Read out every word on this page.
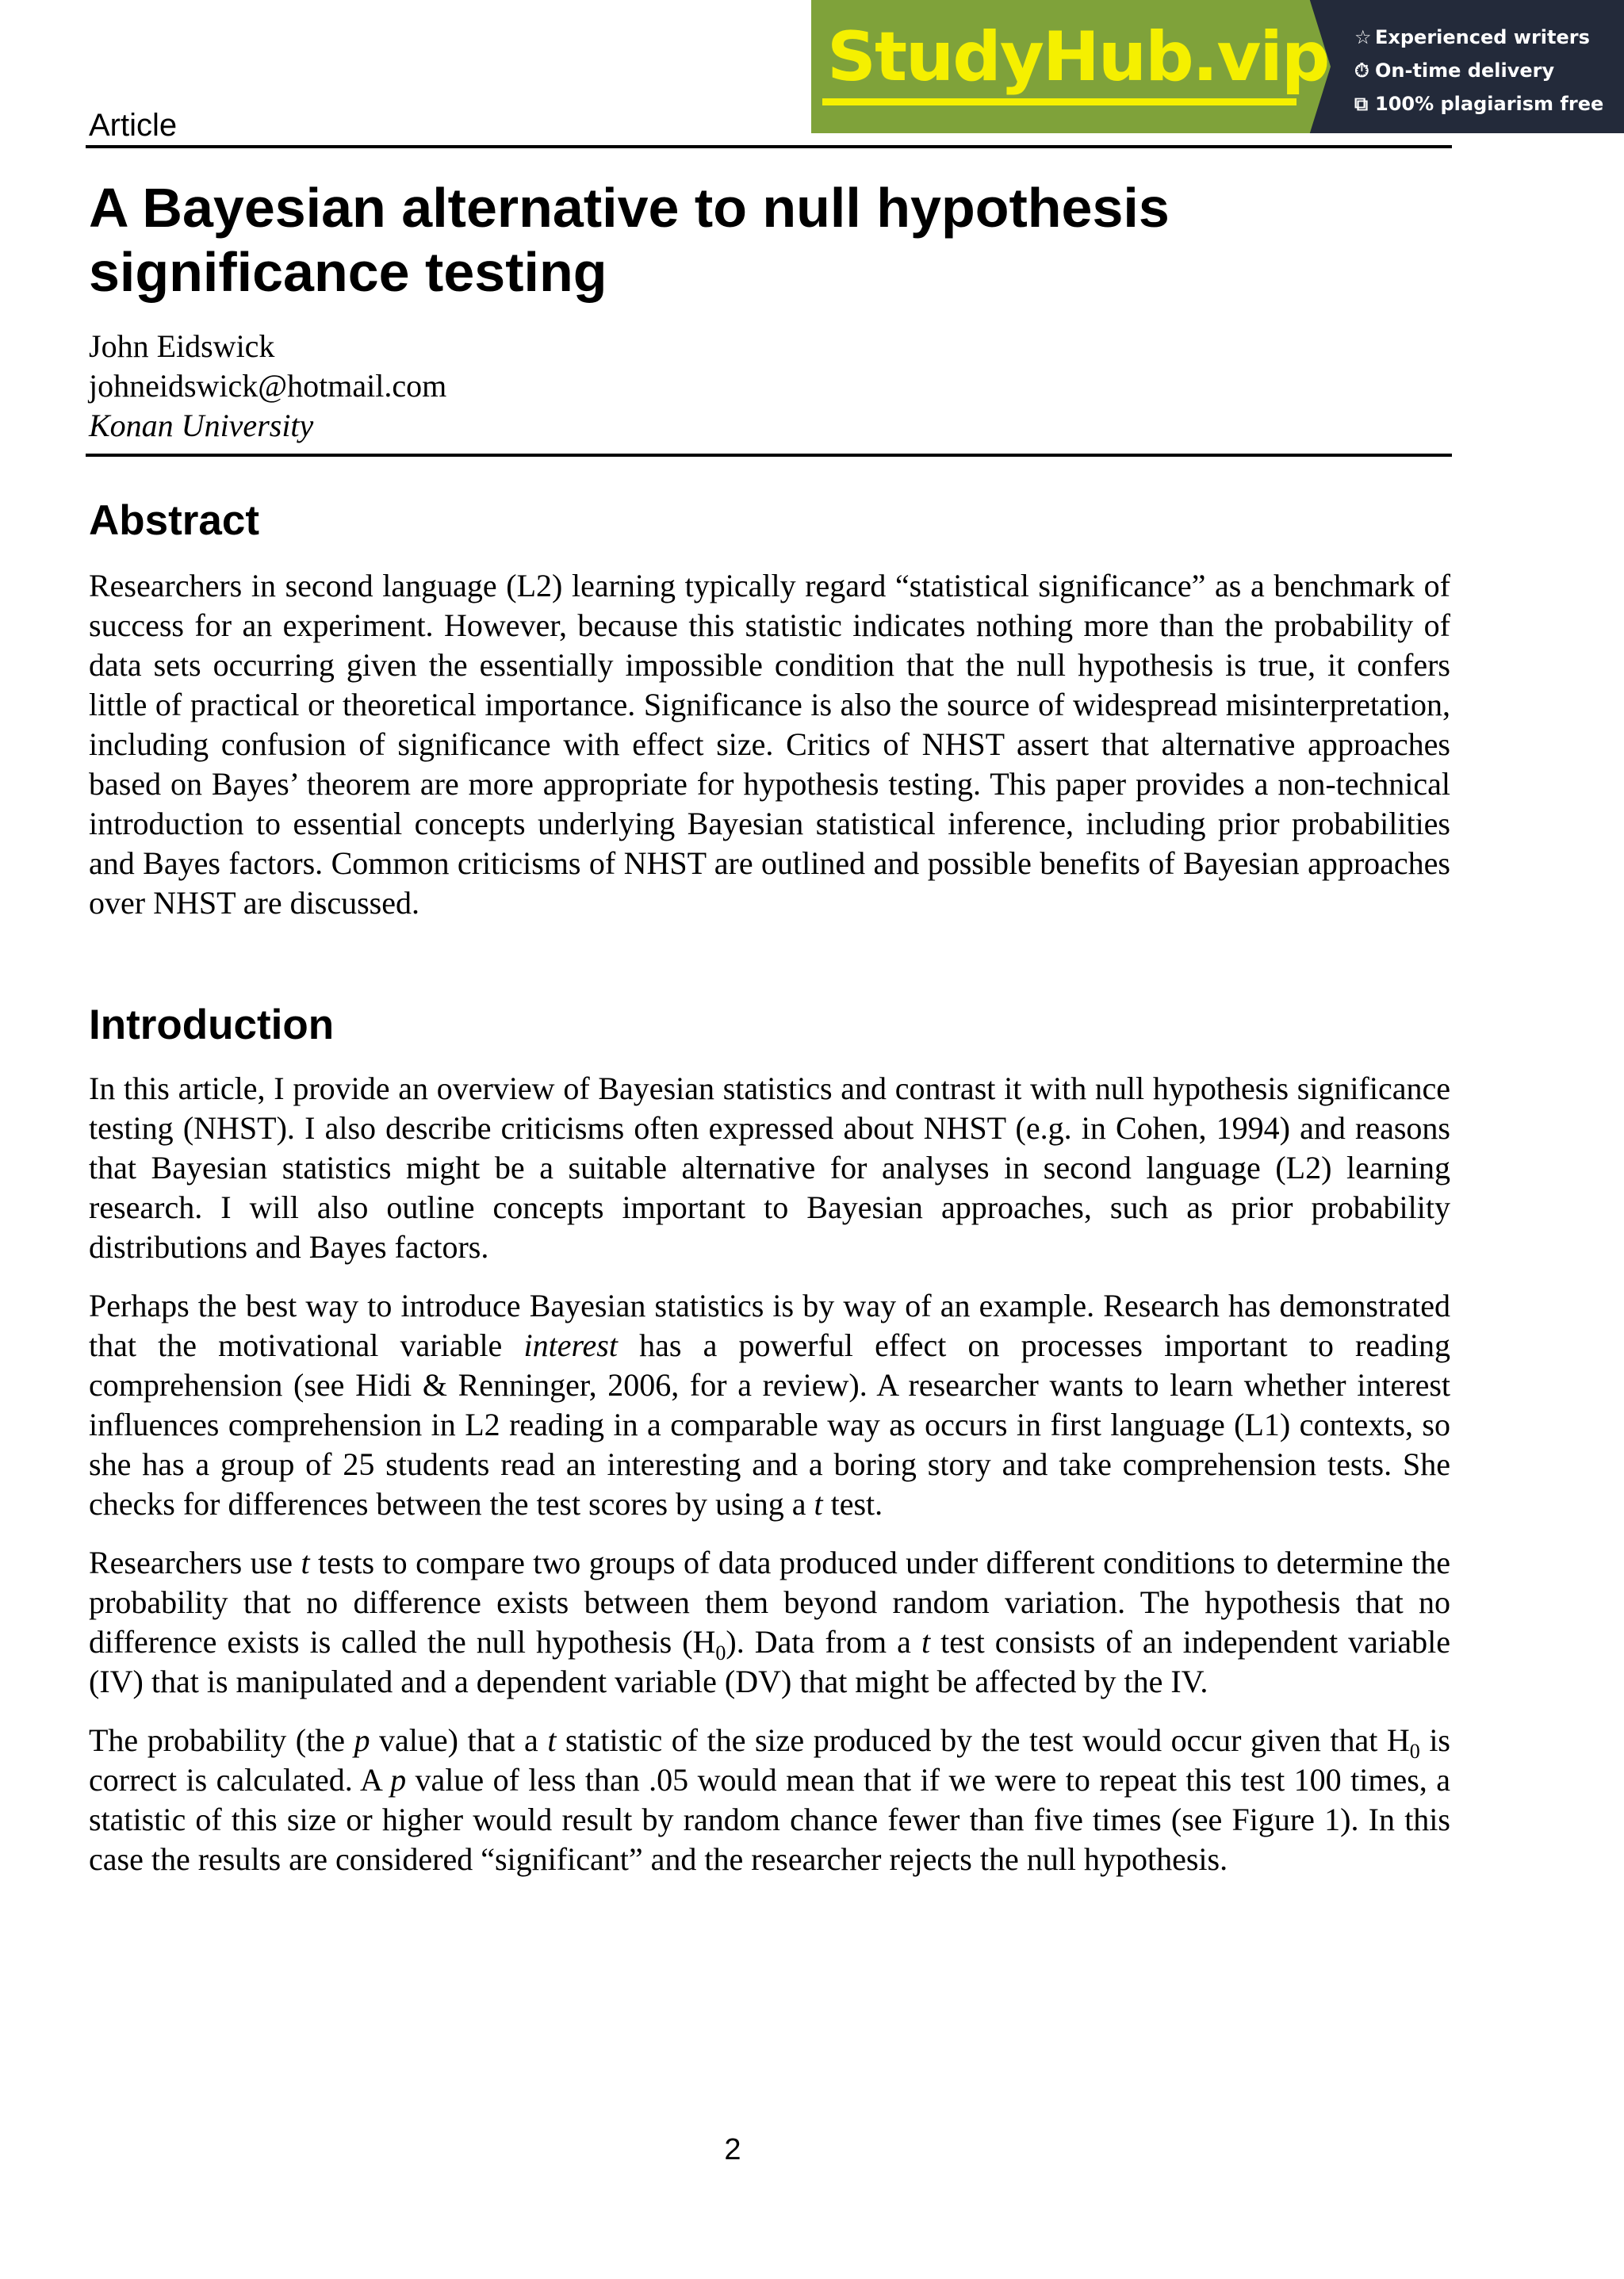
StudyHub.vip ☆ Experienced writers
⏱ On-time delivery
⧉ 100% plagiarism free
Article
A Bayesian alternative to null hypothesis
significance testing
John Eidswick
johneidswick@hotmail.com
Konan University
Abstract

Researchers in second language (L2) learning typically regard “statistical significance” as a benchmark of success for an experiment. However, because this statistic indicates nothing more than the probability of data sets occurring given the essentially impossible condition that the null hypothesis is true, it confers little of practical or theoretical importance. Significance is also the source of widespread misinterpretation, including confusion of significance with effect size. Critics of NHST assert that alternative approaches based on Bayes’ theorem are more appropriate for hypothesis testing. This paper provides a non-technical introduction to essential concepts underlying Bayesian statistical inference, including prior probabilities and Bayes factors. Common criticisms of NHST are outlined and possible benefits of Bayesian approaches over NHST are discussed.

Introduction

In this article, I provide an overview of Bayesian statistics and contrast it with null hypothesis significance testing (NHST). I also describe criticisms often expressed about NHST (e.g. in Cohen, 1994) and reasons that Bayesian statistics might be a suitable alternative for analyses in second language (L2) learning research. I will also outline concepts important to Bayesian approaches, such as prior probability distributions and Bayes factors.

Perhaps the best way to introduce Bayesian statistics is by way of an example. Research has demonstrated that the motivational variable interest has a powerful effect on processes important to reading comprehension (see Hidi & Renninger, 2006, for a review). A researcher wants to learn whether interest influences comprehension in L2 reading in a comparable way as occurs in first language (L1) contexts, so she has a group of 25 students read an interesting and a boring story and take comprehension tests. She checks for differences between the test scores by using a t test.

Researchers use t tests to compare two groups of data produced under different conditions to determine the probability that no difference exists between them beyond random variation. The hypothesis that no difference exists is called the null hypothesis $(H_0)$. Data from a t test consists of an independent variable (IV) that is manipulated and a dependent variable (DV) that might be affected by the IV.

The probability (the p value) that a t statistic of the size produced by the test would occur given that $H_0$ is correct is calculated. A p value of less than .05 would mean that if we were to repeat this test 100 times, a statistic of this size or higher would result by random chance fewer than five times (see Figure 1). In this case the results are considered “significant” and the researcher rejects the null hypothesis.

2
